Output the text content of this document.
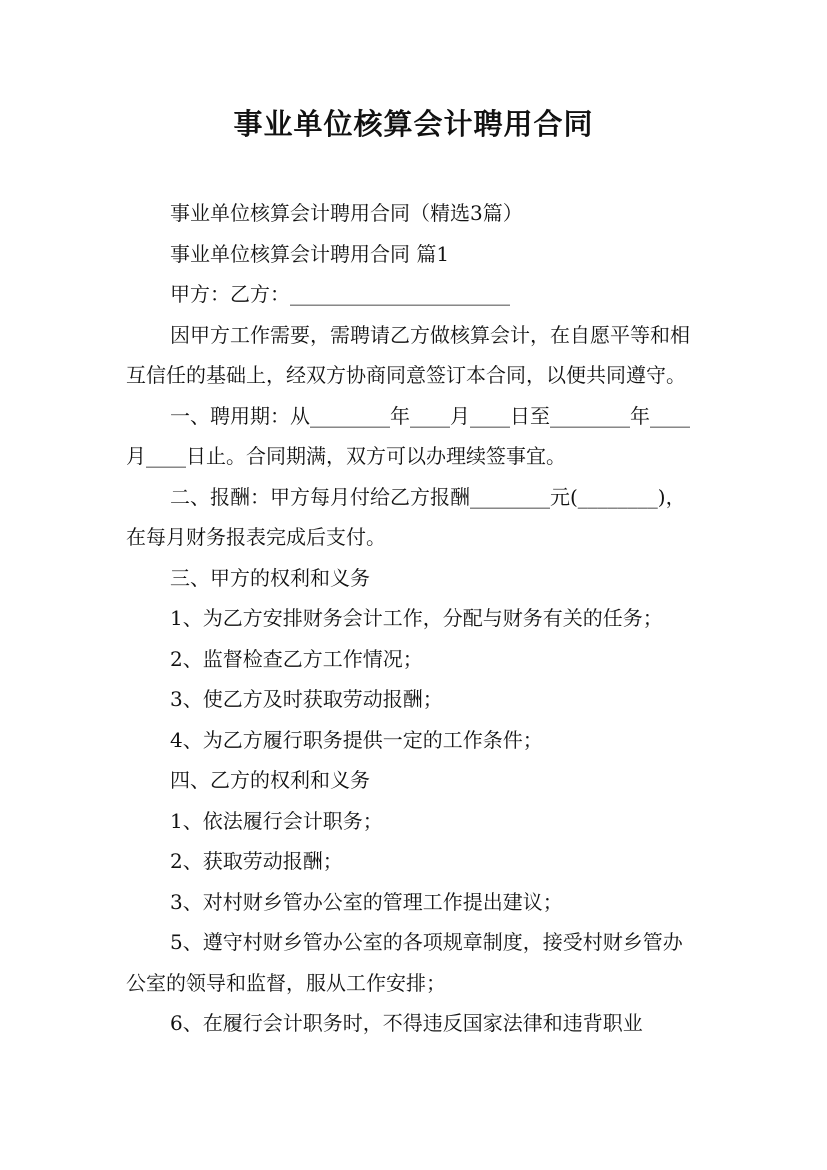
事业单位核算会计聘用合同

事业单位核算会计聘用合同（精选3篇）

事业单位核算会计聘用合同 篇1

甲方：乙方：______________________

因甲方工作需要，需聘请乙方做核算会计，在自愿平等和相互信任的基础上，经双方协商同意签订本合同，以便共同遵守。

一、聘用期：从________年____月____日至________年____月____日止。合同期满，双方可以办理续签事宜。

二、报酬：甲方每月付给乙方报酬________元(________)，在每月财务报表完成后支付。

三、甲方的权利和义务

1、为乙方安排财务会计工作，分配与财务有关的任务；

2、监督检查乙方工作情况；

3、使乙方及时获取劳动报酬；

4、为乙方履行职务提供一定的工作条件；

四、乙方的权利和义务

1、依法履行会计职务；

2、获取劳动报酬；

3、对村财乡管办公室的管理工作提出建议；

5、遵守村财乡管办公室的各项规章制度，接受村财乡管办公室的领导和监督，服从工作安排；

6、在履行会计职务时，不得违反国家法律和违背职业
